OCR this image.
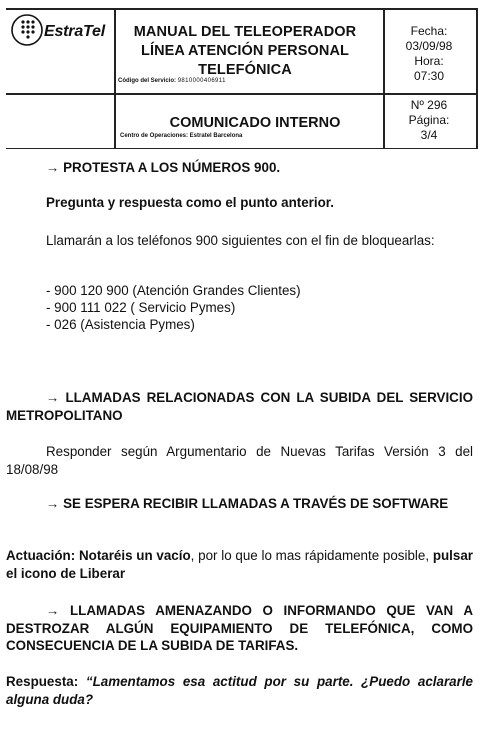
EstraTel	MANUAL DEL TELEOPERADOR
LÍNEA ATENCIÓN PERSONAL
TELEFÓNICA
Código del Servicio: 9810000406911
Fecha:
03/09/98
Hora:
07:30
COMUNICADO INTERNO
Centro de Operaciones: Estratel Barcelona
Nº 296
Página:
3/4
→ PROTESTA A LOS NÚMEROS 900.
Pregunta y respuesta como el punto anterior.
Llamarán a los teléfonos 900 siguientes con el fin de bloquearlas:
- 900 120 900 (Atención Grandes Clientes)
- 900 111 022 ( Servicio Pymes)
- 026 (Asistencia Pymes)
→ LLAMADAS RELACIONADAS CON LA SUBIDA DEL SERVICIO METROPOLITANO
Responder según Argumentario de Nuevas Tarifas Versión 3 del 18/08/98
→ SE ESPERA RECIBIR LLAMADAS A TRAVÉS DE SOFTWARE
Actuación: Notaréis un vacío, por lo que lo mas rápidamente posible, pulsar el icono de Liberar
→ LLAMADAS AMENAZANDO O INFORMANDO QUE VAN A DESTROZAR ALGÚN EQUIPAMIENTO DE TELEFÓNICA, COMO CONSECUENCIA DE LA SUBIDA DE TARIFAS.
Respuesta: “Lamentamos esa actitud por su parte. ¿Puedo aclararle alguna duda?
